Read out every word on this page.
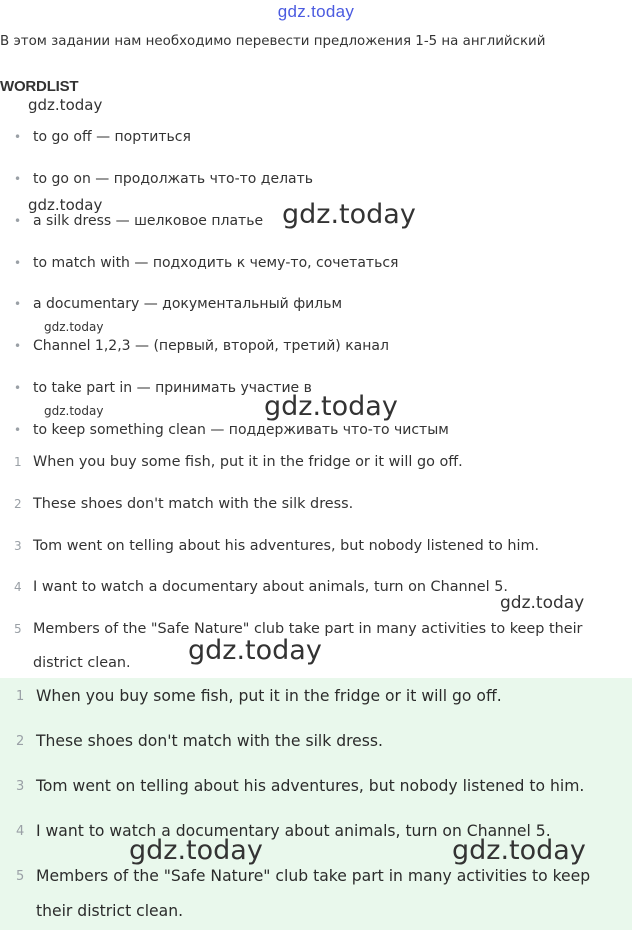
gdz.today
В этом задании нам необходимо перевести предложения 1-5 на английский
WORDLIST
• to go off — портиться
• to go on — продолжать что-то делать
• a silk dress — шелковое платье
• to match with — подходить к чему-то, сочетаться
• a documentary — документальный фильм
• Channel 1,2,3 — (первый, второй, третий) канал
• to take part in — принимать участие в
• to keep something clean — поддерживать что-то чистым
1 When you buy some fish, put it in the fridge or it will go off.
2 These shoes don't match with the silk dress.
3 Tom went on telling about his adventures, but nobody listened to him.
4 I want to watch a documentary about animals, turn on Channel 5.
5 Members of the "Safe Nature" club take part in many activities to keep their
district clean.
1 When you buy some fish, put it in the fridge or it will go off.
2 These shoes don't match with the silk dress.
3 Tom went on telling about his adventures, but nobody listened to him.
4 I want to watch a documentary about animals, turn on Channel 5.
5 Members of the "Safe Nature" club take part in many activities to keep
their district clean.
gdz.today
gdz.today	gdz.today
gdz.today
gdz.today	gdz.today
gdz.today
gdz.today
gdz.today	gdz.today
